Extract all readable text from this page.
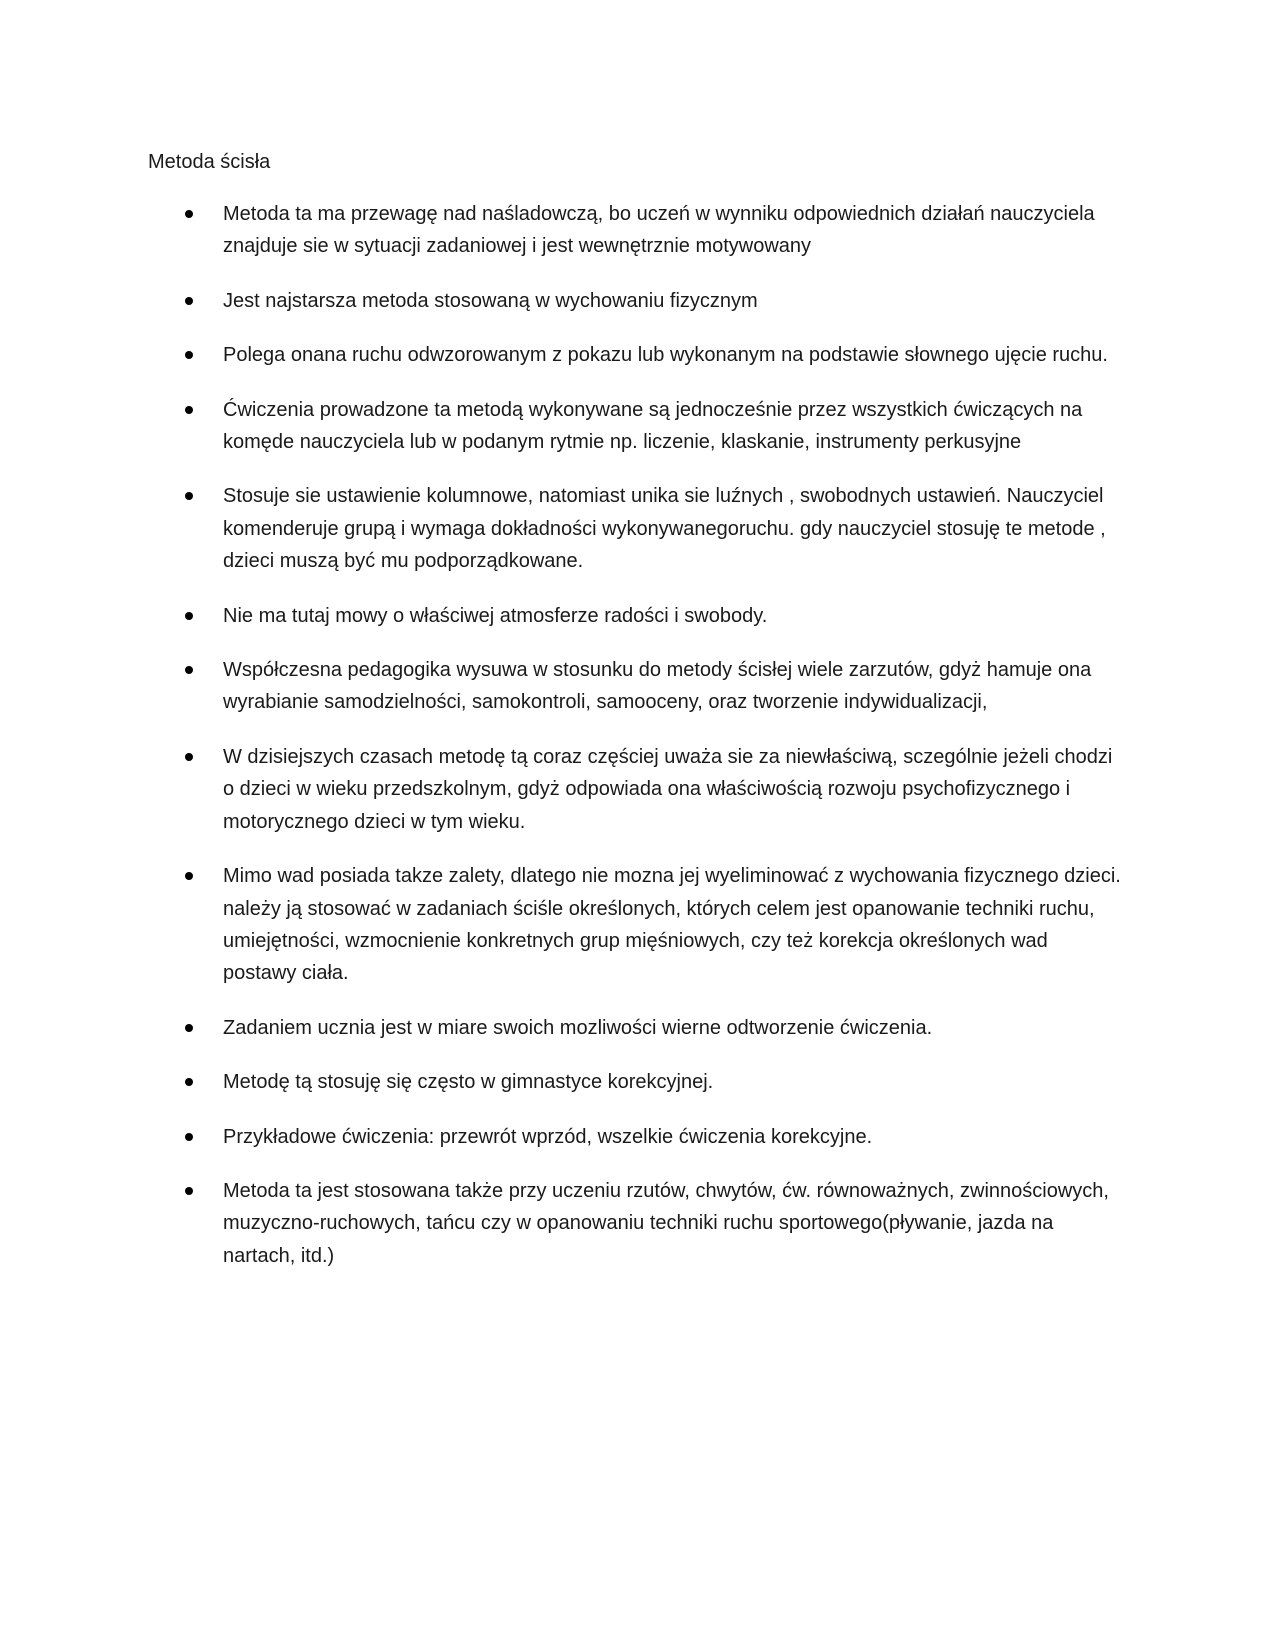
Metoda ścisła
Metoda ta ma przewagę nad naśladowczą, bo uczeń w wynniku odpowiednich działań nauczyciela znajduje sie w sytuacji zadaniowej i jest wewnętrznie motywowany
Jest najstarsza metoda stosowaną w wychowaniu fizycznym
Polega onana ruchu odwzorowanym z pokazu lub wykonanym na podstawie słownego ujęcie ruchu.
Ćwiczenia prowadzone ta metodą wykonywane są jednocześnie przez wszystkich ćwiczących na komęde nauczyciela lub w podanym rytmie np. liczenie, klaskanie, instrumenty perkusyjne
Stosuje sie ustawienie kolumnowe, natomiast unika sie luźnych , swobodnych ustawień. Nauczyciel komenderuje grupą i wymaga dokładności wykonywanegoruchu. gdy nauczyciel stosuję te metode , dzieci muszą być mu podporządkowane.
Nie ma tutaj mowy o właściwej atmosferze radości i swobody.
Współczesna pedagogika wysuwa w stosunku do metody ścisłej wiele zarzutów, gdyż hamuje ona wyrabianie samodzielności, samokontroli, samooceny, oraz tworzenie indywidualizacji,
W dzisiejszych czasach metodę tą coraz częściej uważa sie za niewłaściwą, sczególnie jeżeli chodzi o dzieci w wieku przedszkolnym, gdyż odpowiada ona właściwością rozwoju psychofizycznego i motorycznego dzieci w tym wieku.
Mimo wad posiada takze zalety, dlatego nie mozna jej wyeliminować z wychowania fizycznego dzieci. należy ją stosować w zadaniach ściśle określonych, których celem jest opanowanie techniki ruchu, umiejętności, wzmocnienie konkretnych grup mięśniowych, czy też korekcja określonych wad postawy ciała.
Zadaniem ucznia jest w miare swoich mozliwości wierne odtworzenie ćwiczenia.
Metodę tą stosuję się często w gimnastyce korekcyjnej.
Przykładowe ćwiczenia: przewrót wprzód, wszelkie ćwiczenia korekcyjne.
Metoda ta jest stosowana także przy uczeniu rzutów, chwytów, ćw. równoważnych, zwinnościowych, muzyczno-ruchowych, tańcu czy w opanowaniu techniki ruchu sportowego(pływanie, jazda na nartach, itd.)
